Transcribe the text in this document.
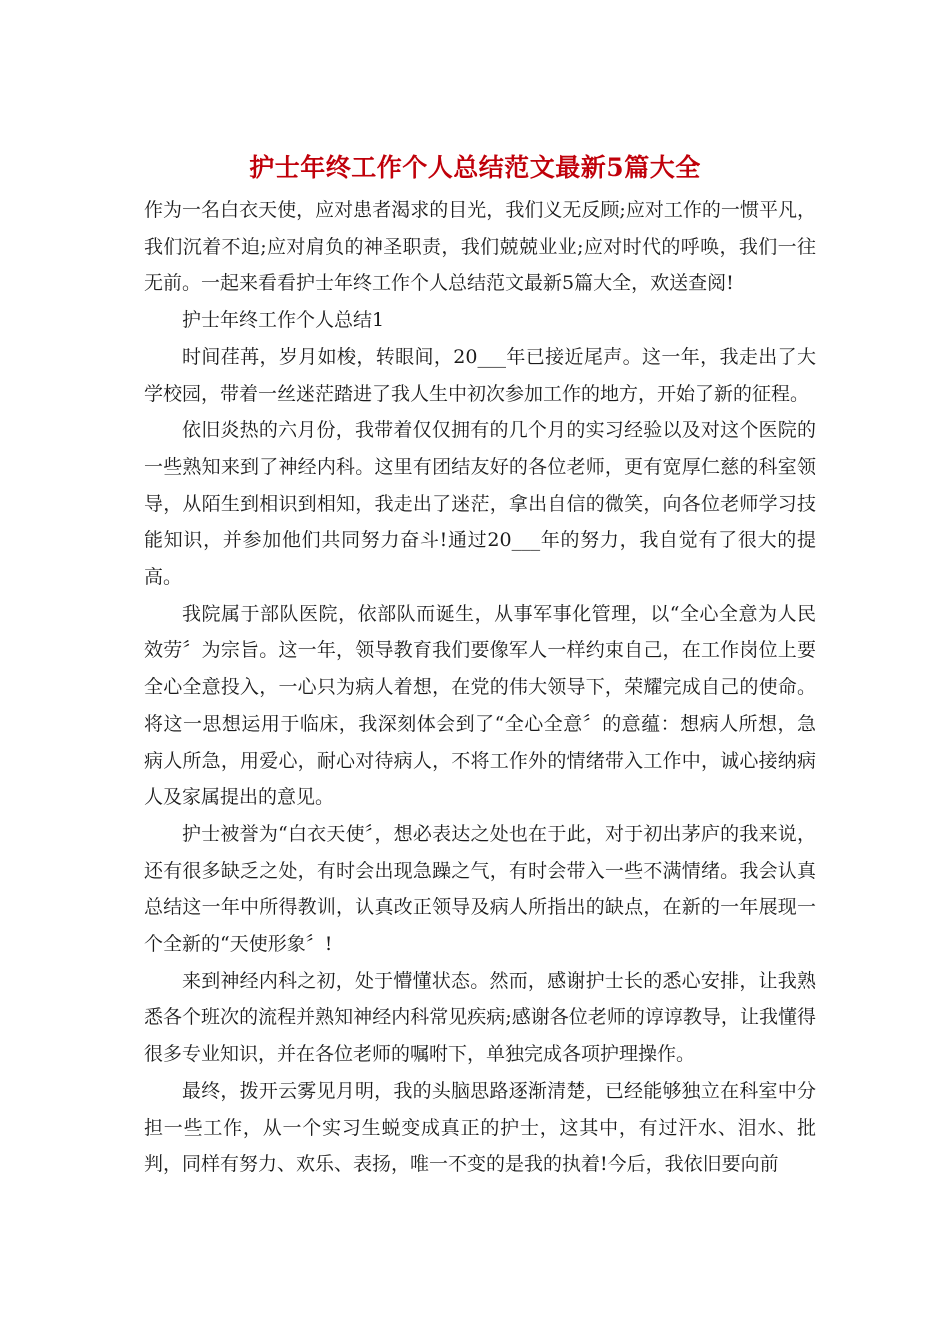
护士年终工作个人总结范文最新5篇大全

作为一名白衣天使，应对患者渴求的目光，我们义无反顾;应对工作的一惯平凡，我们沉着不迫;应对肩负的神圣职责，我们兢兢业业;应对时代的呼唤，我们一往无前。一起来看看护士年终工作个人总结范文最新5篇大全，欢送查阅!

护士年终工作个人总结1

时间荏苒，岁月如梭，转眼间，20___年已接近尾声。这一年，我走出了大学校园，带着一丝迷茫踏进了我人生中初次参加工作的地方，开始了新的征程。

依旧炎热的六月份，我带着仅仅拥有的几个月的实习经验以及对这个医院的一些熟知来到了神经内科。这里有团结友好的各位老师，更有宽厚仁慈的科室领导，从陌生到相识到相知，我走出了迷茫，拿出自信的微笑，向各位老师学习技能知识，并参加他们共同努力奋斗!通过20___年的努力，我自觉有了很大的提高。

我院属于部队医院，依部队而诞生，从事军事化管理，以“全心全意为人民效劳〞为宗旨。这一年，领导教育我们要像军人一样约束自己，在工作岗位上要全心全意投入，一心只为病人着想，在党的伟大领导下，荣耀完成自己的使命。将这一思想运用于临床，我深刻体会到了“全心全意〞的意蕴：想病人所想，急病人所急，用爱心，耐心对待病人，不将工作外的情绪带入工作中，诚心接纳病人及家属提出的意见。

护士被誉为“白衣天使〞，想必表达之处也在于此，对于初出茅庐的我来说，还有很多缺乏之处，有时会出现急躁之气，有时会带入一些不满情绪。我会认真总结这一年中所得教训，认真改正领导及病人所指出的缺点，在新的一年展现一个全新的“天使形象〞!

来到神经内科之初，处于懵懂状态。然而，感谢护士长的悉心安排，让我熟悉各个班次的流程并熟知神经内科常见疾病;感谢各位老师的谆谆教导，让我懂得很多专业知识，并在各位老师的嘱咐下，单独完成各项护理操作。

最终，拨开云雾见月明，我的头脑思路逐渐清楚，已经能够独立在科室中分担一些工作，从一个实习生蜕变成真正的护士，这其中，有过汗水、泪水、批判，同样有努力、欢乐、表扬，唯一不变的是我的执着!今后，我依旧要向前
